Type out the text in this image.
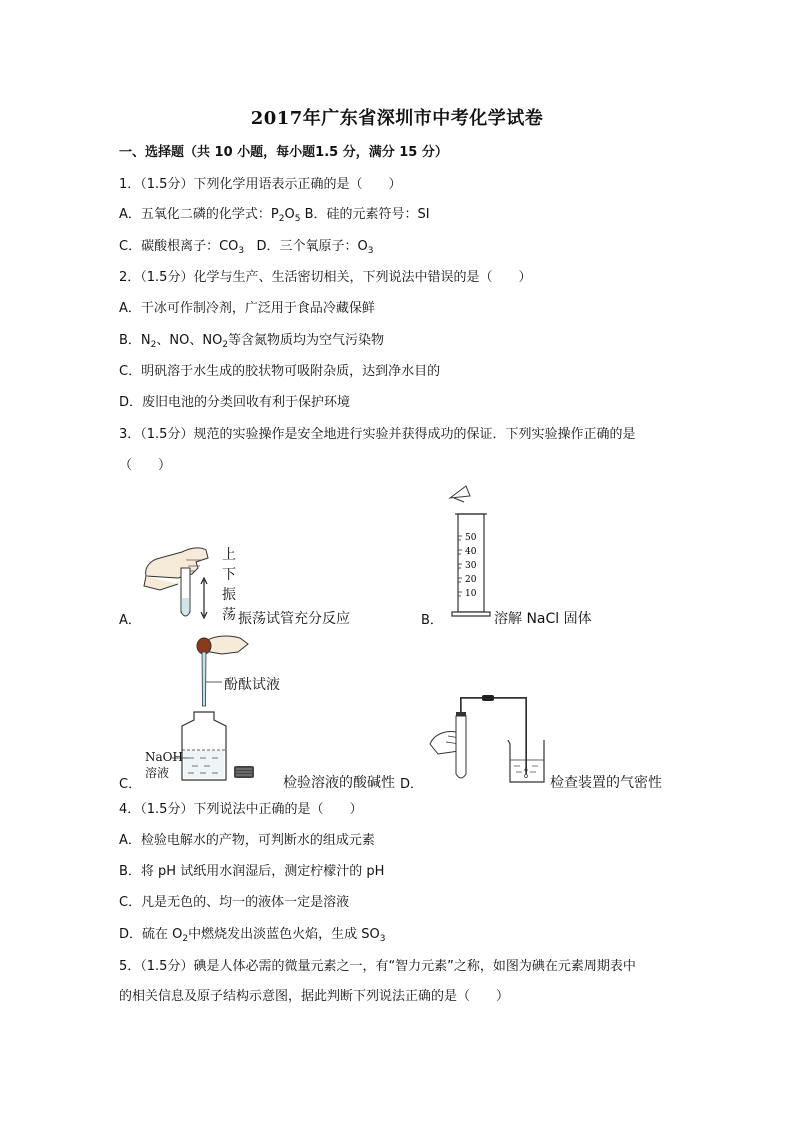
2017年广东省深圳市中考化学试卷
一、选择题（共 10 小题，每小题1.5 分，满分 15 分）
1．（1.5分）下列化学用语表示正确的是（　　）
A．五氧化二磷的化学式：$P_2O_5$ B．硅的元素符号：SI
C．碳酸根离子：$CO_3$ D．三个氧原子：$O_3$
2．（1.5分）化学与生产、生活密切相关，下列说法中错误的是（　　）
A．干冰可作制冷剂，广泛用于食品冷藏保鲜
B．$N_2$、NO、$NO_2$等含氮物质均为空气污染物
C．明矾溶于水生成的胶状物可吸附杂质，达到净水目的
D．废旧电池的分类回收有利于保护环境
3．（1.5分）规范的实验操作是安全地进行实验并获得成功的保证．下列实验操作正确的是
（　　）
A．
上
下
振
荡 振荡试管充分反应	B．
50
40
30
20
10
溶解 NaCl 固体
酚酞试液
NaOH
溶液
C．	检验溶液的酸碱性 D．	检查装置的气密性
4．（1.5分）下列说法中正确的是（　　）
A．检验电解水的产物，可判断水的组成元素
B．将 pH 试纸用水润湿后，测定柠檬汁的 pH
C．凡是无色的、均一的液体一定是溶液
D．硫在 $O_2$中燃烧发出淡蓝色火焰，生成 $SO_3$
5．（1.5分）碘是人体必需的微量元素之一，有“智力元素”之称，如图为碘在元素周期表中
的相关信息及原子结构示意图，据此判断下列说法正确的是（　　）
